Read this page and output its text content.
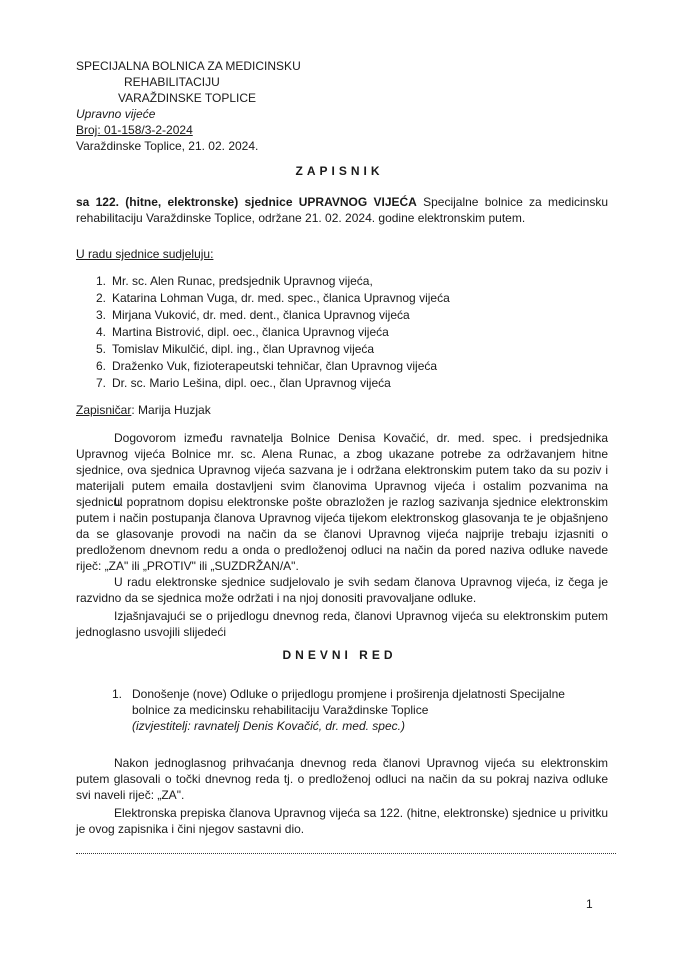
SPECIJALNA BOLNICA ZA MEDICINSKU
REHABILITACIJU
VARAŽDINSKE TOPLICE
Upravno vijeće
Broj: 01-158/3-2-2024
Varaždinske Toplice, 21. 02. 2024.
ZAPISNIK
sa 122. (hitne, elektronske) sjednice UPRAVNOG VIJEĆA Specijalne bolnice za medicinsku rehabilitaciju Varaždinske Toplice, održane 21. 02. 2024. godine elektronskim putem.
U radu sjednice sudjeluju:
1. Mr. sc. Alen Runac, predsjednik Upravnog vijeća,
2. Katarina Lohman Vuga, dr. med. spec., članica Upravnog vijeća
3. Mirjana Vuković, dr. med. dent., članica Upravnog vijeća
4. Martina Bistrović, dipl. oec., članica Upravnog vijeća
5. Tomislav Mikulčić, dipl. ing., član Upravnog vijeća
6. Draženko Vuk, fizioterapeutski tehničar, član Upravnog vijeća
7. Dr. sc. Mario Lešina, dipl. oec., član Upravnog vijeća
Zapisničar: Marija Huzjak
Dogovorom između ravnatelja Bolnice Denisa Kovačić, dr. med. spec. i predsjednika Upravnog vijeća Bolnice mr. sc. Alena Runac, a zbog ukazane potrebe za održavanjem hitne sjednice, ova sjednica Upravnog vijeća sazvana je i održana elektronskim putem tako da su poziv i materijali putem emaila dostavljeni svim članovima Upravnog vijeća i ostalim pozvanima na sjednicu.
U popratnom dopisu elektronske pošte obrazložen je razlog sazivanja sjednice elektronskim putem i način postupanja članova Upravnog vijeća tijekom elektronskog glasovanja te je objašnjeno da se glasovanje provodi na način da se članovi Upravnog vijeća najprije trebaju izjasniti o predloženom dnevnom redu a onda o predloženoj odluci na način da pored naziva odluke navede riječ: „ZA" ili „PROTIV" ili „SUZDRŽAN/A".
U radu elektronske sjednice sudjelovalo je svih sedam članova Upravnog vijeća, iz čega je razvidno da se sjednica može održati i na njoj donositi pravovaljane odluke.
Izjašnjavajući se o prijedlogu dnevnog reda, članovi Upravnog vijeća su elektronskim putem jednoglasno usvojili slijedeći
DNEVNI RED
1. Donošenje (nove) Odluke o prijedlogu promjene i proširenja djelatnosti Specijalne bolnice za medicinsku rehabilitaciju Varaždinske Toplice
(izvjestitelj: ravnatelj Denis Kovačić, dr. med. spec.)
Nakon jednoglasnog prihvaćanja dnevnog reda članovi Upravnog vijeća su elektronskim putem glasovali o točki dnevnog reda tj. o predloženoj odluci na način da su pokraj naziva odluke svi naveli riječ: „ZA".
Elektronska prepiska članova Upravnog vijeća sa 122. (hitne, elektronske) sjednice u privitku je ovog zapisnika i čini njegov sastavni dio.
1
